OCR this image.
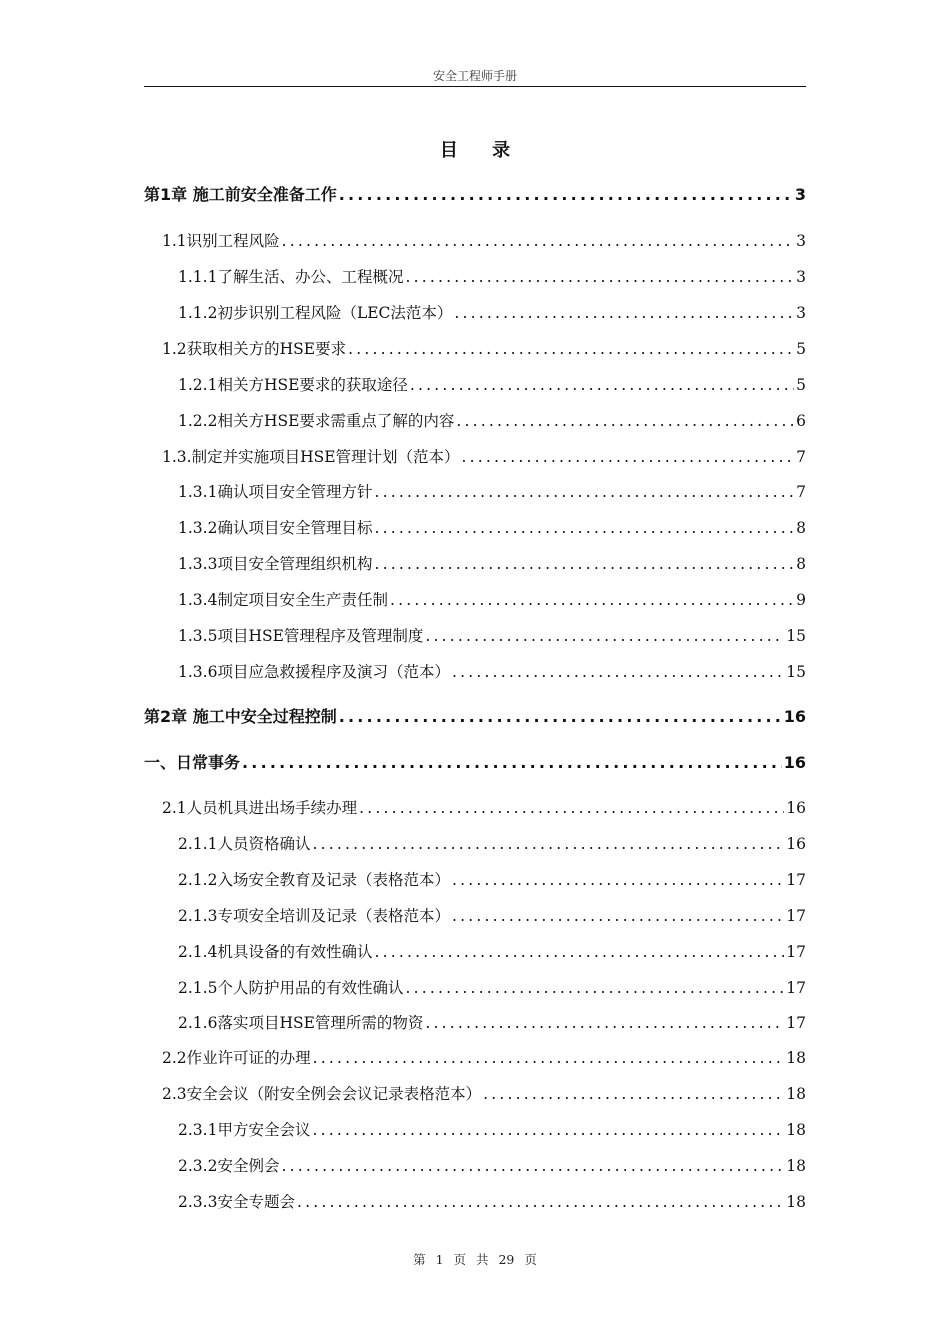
安全工程师手册
目 录
第1章 施工前安全准备工作 .....	3
1.1识别工程风险 .....	3
1.1.1了解生活、办公、工程概况 .....	3
1.1.2初步识别工程风险（LEC法范本） .....	3
1.2获取相关方的HSE要求 .....	5
1.2.1相关方HSE要求的获取途径 .....	5
1.2.2相关方HSE要求需重点了解的内容 .....	6
1.3.制定并实施项目HSE管理计划（范本） .....	7
1.3.1确认项目安全管理方针 .....	7
1.3.2确认项目安全管理目标 .....	8
1.3.3项目安全管理组织机构 .....	8
1.3.4制定项目安全生产责任制 .....	9
1.3.5项目HSE管理程序及管理制度 .....	15
1.3.6项目应急救援程序及演习（范本） .....	15
第2章 施工中安全过程控制 .....	16
一、日常事务 .....	16
2.1人员机具进出场手续办理 .....	16
2.1.1人员资格确认 .....	16
2.1.2入场安全教育及记录（表格范本） .....	17
2.1.3专项安全培训及记录（表格范本） .....	17
2.1.4机具设备的有效性确认 .....	17
2.1.5个人防护用品的有效性确认 .....	17
2.1.6落实项目HSE管理所需的物资 .....	17
2.2作业许可证的办理 .....	18
2.3安全会议（附安全例会会议记录表格范本） .....	18
2.3.1甲方安全会议 .....	18
2.3.2安全例会 .....	18
2.3.3安全专题会 .....	18
第 1 页 共 29 页
